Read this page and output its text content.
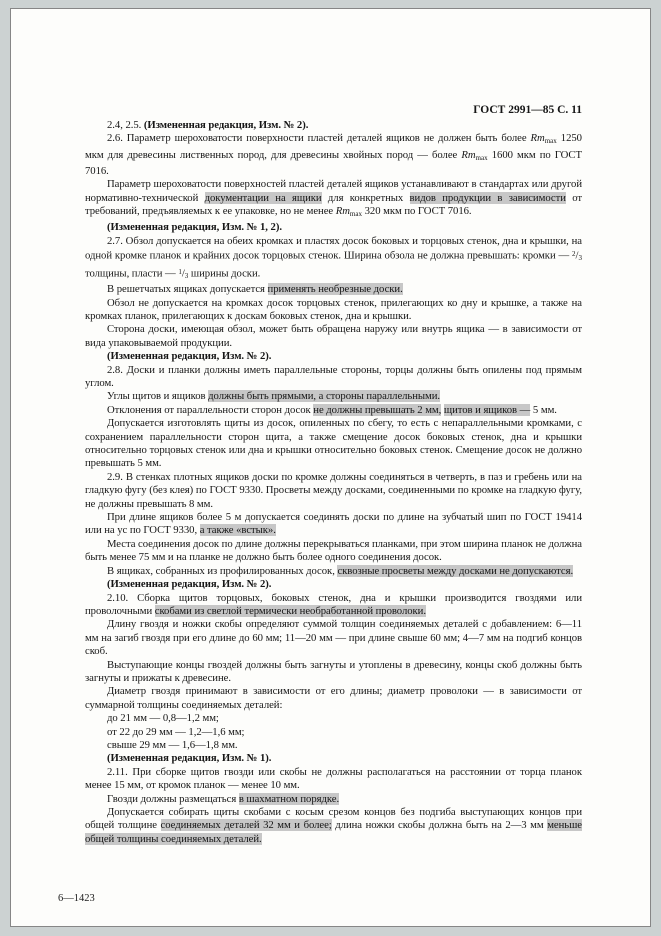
ГОСТ 2991—85 С. 11

2.4, 2.5. (Измененная редакция, Изм. № 2).

2.6. Параметр шероховатости поверхности пластей деталей ящиков не должен быть более $Rm_{max}$ 1250 мкм для древесины лиственных пород, для древесины хвойных пород — более $Rm_{max}$ 1600 мкм по ГОСТ 7016.

Параметр шероховатости поверхностей пластей деталей ящиков устанавливают в стандартах или другой нормативно-технической документации на ящики для конкретных видов продукции в зависимости от требований, предъявляемых к ее упаковке, но не менее $Rm_{max}$ 320 мкм по ГОСТ 7016.

(Измененная редакция, Изм. № 1, 2).

2.7. Обзол допускается на обеих кромках и пластях досок боковых и торцовых стенок, дна и крышки, на одной кромке планок и крайних досок торцовых стенок. Ширина обзола не должна превышать: кромки — $^2/_3$ толщины, пласти — $^1/_3$ ширины доски.

В решетчатых ящиках допускается применять необрезные доски.

Обзол не допускается на кромках досок торцовых стенок, прилегающих ко дну и крышке, а также на кромках планок, прилегающих к доскам боковых стенок, дна и крышки.

Сторона доски, имеющая обзол, может быть обращена наружу или внутрь ящика — в зависимости от вида упаковываемой продукции.

(Измененная редакция, Изм. № 2).

2.8. Доски и планки должны иметь параллельные стороны, торцы должны быть опилены под прямым углом.

Углы щитов и ящиков должны быть прямыми, а стороны параллельными.

Отклонения от параллельности сторон досок не должны превышать 2 мм, щитов и ящиков — 5 мм.

Допускается изготовлять щиты из досок, опиленных по сбегу, то есть с непараллельными кромками, с сохранением параллельности сторон щита, а также смещение досок боковых стенок, дна и крышки относительно торцовых стенок или дна и крышки относительно боковых стенок. Смещение досок не должно превышать 5 мм.

2.9. В стенках плотных ящиков доски по кромке должны соединяться в четверть, в паз и гребень или на гладкую фугу (без клея) по ГОСТ 9330. Просветы между досками, соединенными по кромке на гладкую фугу, не должны превышать 8 мм.

При длине ящиков более 5 м допускается соединять доски по длине на зубчатый шип по ГОСТ 19414 или на ус по ГОСТ 9330, а также «встык».

Места соединения досок по длине должны перекрываться планками, при этом ширина планок не должна быть менее 75 мм и на планке не должно быть более одного соединения досок.

В ящиках, собранных из профилированных досок, сквозные просветы между досками не допускаются.

(Измененная редакция, Изм. № 2).

2.10. Сборка щитов торцовых, боковых стенок, дна и крышки производится гвоздями или проволочными скобами из светлой термически необработанной проволоки.

Длину гвоздя и ножки скобы определяют суммой толщин соединяемых деталей с добавлением: 6—11 мм на загиб гвоздя при его длине до 60 мм; 11—20 мм — при длине свыше 60 мм; 4—7 мм на подгиб концов скоб.

Выступающие концы гвоздей должны быть загнуты и утоплены в древесину, концы скоб должны быть загнуты и прижаты к древесине.

Диаметр гвоздя принимают в зависимости от его длины; диаметр проволоки — в зависимости от суммарной толщины соединяемых деталей:

до 21 мм — 0,8—1,2 мм;

от 22 до 29 мм — 1,2—1,6 мм;

свыше 29 мм — 1,6—1,8 мм.

(Измененная редакция, Изм. № 1).

2.11. При сборке щитов гвозди или скобы не должны располагаться на расстоянии от торца планок менее 15 мм, от кромок планок — менее 10 мм.

Гвозди должны размещаться в шахматном порядке.

Допускается собирать щиты скобами с косым срезом концов без подгиба выступающих концов при общей толщине соединяемых деталей 32 мм и более; длина ножки скобы должна быть на 2—3 мм меньше общей толщины соединяемых деталей.

6—1423
